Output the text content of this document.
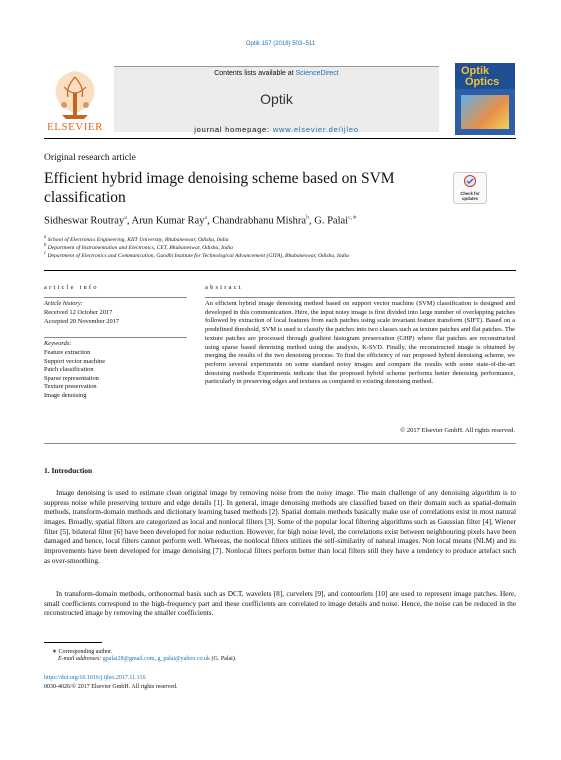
Optik 157 (2018) 503–511
ELSEVIER
Contents lists available at ScienceDirect
Optik
journal homepage: www.elsevier.de/ijleo
Optik
Optics
Original research article
Efficient hybrid image denoising scheme based on SVM classification	Check for
updates
Sidheswar Routray$^a$, Arun Kumar Ray$^a$, Chandrabhanu Mishra$^b$, G. Palai$^{c,∗}$
$^a$ School of Electronics Engineering, KIIT University, Bhubaneswar, Odisha, India
$^b$ Department of Instrumentation and Electronics, CET, Bhubaneswar, Odisha, India
$^c$ Department of Electronics and Communication, Gandhi Institute for Technological Advancement (GITA), Bhubaneswar, Odisha, India
article info
Article history:
Received 12 October 2017
Accepted 20 November 2017
Keywords:
Feature extraction
Support vector machine
Patch classification
Sparse representation
Texture preservation
Image denoising
abstract
An efficient hybrid image denoising method based on support vector machine (SVM) classification is designed and developed in this communication. Here, the input noisy image is first divided into large number of overlapping patches followed by extraction of local features from each patches using scale invariant feature transform (SIFT). Based on a predefined threshold, SVM is used to classify the patches into two classes such as texture patches and flat patches. The texture patches are processed through gradient histogram preservation (GHP) where flat patches are reconstructed using sparse based denoising method using the analysis, K-SVD. Finally, the reconstructed image is obtained by merging the results of the two denoising process. To find the efficiency of our proposed hybrid denoising scheme, we perform several experiments on some standard noisy images and compare the results with some state-of-the-art denoising methods Experiments indicate that the proposed hybrid scheme performs better denoising performance, particularly in preserving edges and textures as compared to existing denoising method.
© 2017 Elsevier GmbH. All rights reserved.
1. Introduction
Image denoising is used to estimate clean original image by removing noise from the noisy image. The main challenge of any denoising algorithm is to suppress noise while preserving texture and edge details [1]. In general, image denoising methods are classified based on their domain such as spatial-domain methods, transform-domain methods and dictionary learning based methods [2]. Spatial domain methods basically make use of correlations exist in most natural images. Broadly, spatial filters are categorized as local and nonlocal filters [3]. Some of the popular local filtering algorithms such as Gaussian filter [4], Wiener filter [5], bilateral filter [6] have been developed for noise reduction. However, for high noise level, the correlations exist between neighbouring pixels have been damaged and hence, local filters cannot perform well. Whereas, the nonlocal filters utilizes the self-similarity of natural images. Non local means (NLM) and its improvements have been developed for image denoising [7]. Nonlocal filters perform better than local filters still they have a tendency to produce artefact such as over-smoothing.
In transform-domain methods, orthonormal basis such as DCT, wavelets [8], curvelets [9], and contourlets [10] are used to represent image patches. Here, small coefficients correspond to the high-frequency part and these coefficients are correlated to image details and noise. Hence, the noise can be reduced in the reconstructed image by removing the smaller coefficients.
∗ Corresponding author.
E-mail addresses: gpalai28@gmail.com, g_palai@yahoo.co.uk (G. Palai).
https://doi.org/10.1016/j.ijleo.2017.11.116
0030-4026/© 2017 Elsevier GmbH. All rights reserved.
